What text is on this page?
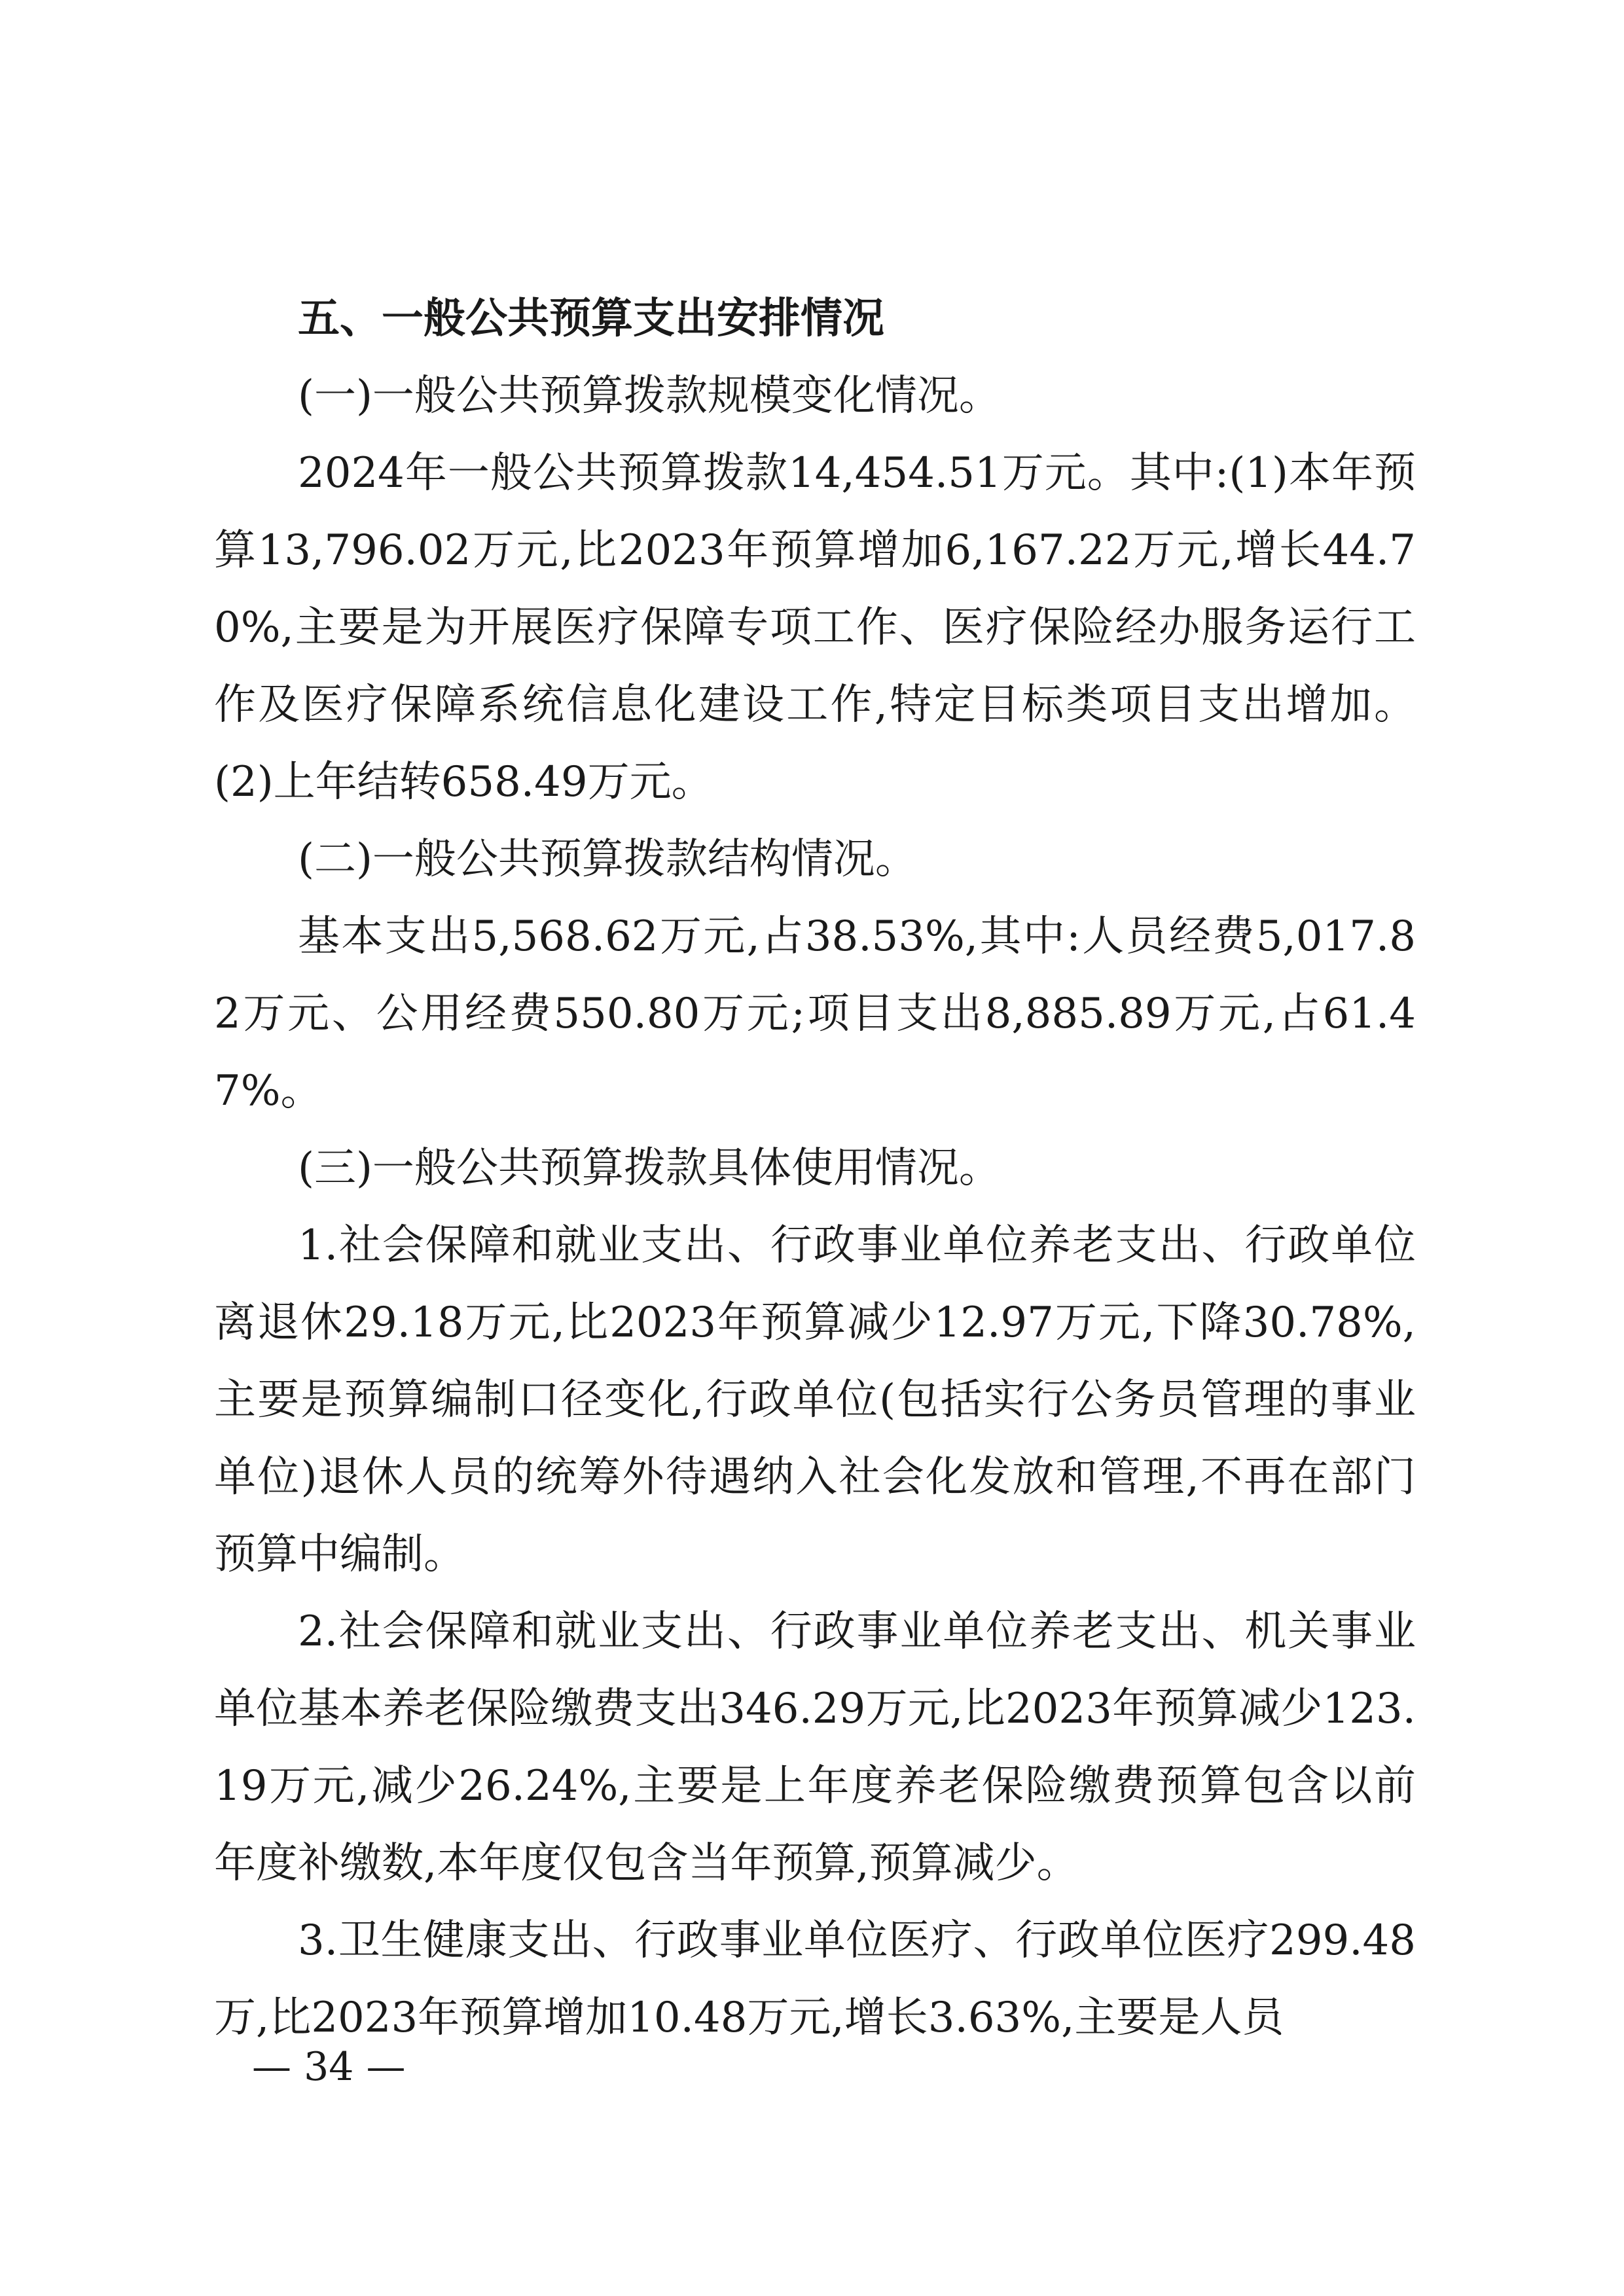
五、一般公共预算支出安排情况
(一)一般公共预算拨款规模变化情况。

2024年一般公共预算拨款14,454.51万元。其中:(1)本年预算13,796.02万元,比2023年预算增加6,167.22万元,增长44.70%,主要是为开展医疗保障专项工作、医疗保险经办服务运行工作及医疗保障系统信息化建设工作,特定目标类项目支出增加。(2)上年结转658.49万元。

(二)一般公共预算拨款结构情况。

基本支出5,568.62万元,占38.53%,其中:人员经费5,017.82万元、公用经费550.80万元;项目支出8,885.89万元,占61.47%。

(三)一般公共预算拨款具体使用情况。

1.社会保障和就业支出、行政事业单位养老支出、行政单位离退休29.18万元,比2023年预算减少12.97万元,下降30.78%,主要是预算编制口径变化,行政单位(包括实行公务员管理的事业单位)退休人员的统筹外待遇纳入社会化发放和管理,不再在部门预算中编制。

2.社会保障和就业支出、行政事业单位养老支出、机关事业单位基本养老保险缴费支出346.29万元,比2023年预算减少123.19万元,减少26.24%,主要是上年度养老保险缴费预算包含以前年度补缴数,本年度仅包含当年预算,预算减少。

3.卫生健康支出、行政事业单位医疗、行政单位医疗299.48万,比2023年预算增加10.48万元,增长3.63%,主要是人员

— 34 —
